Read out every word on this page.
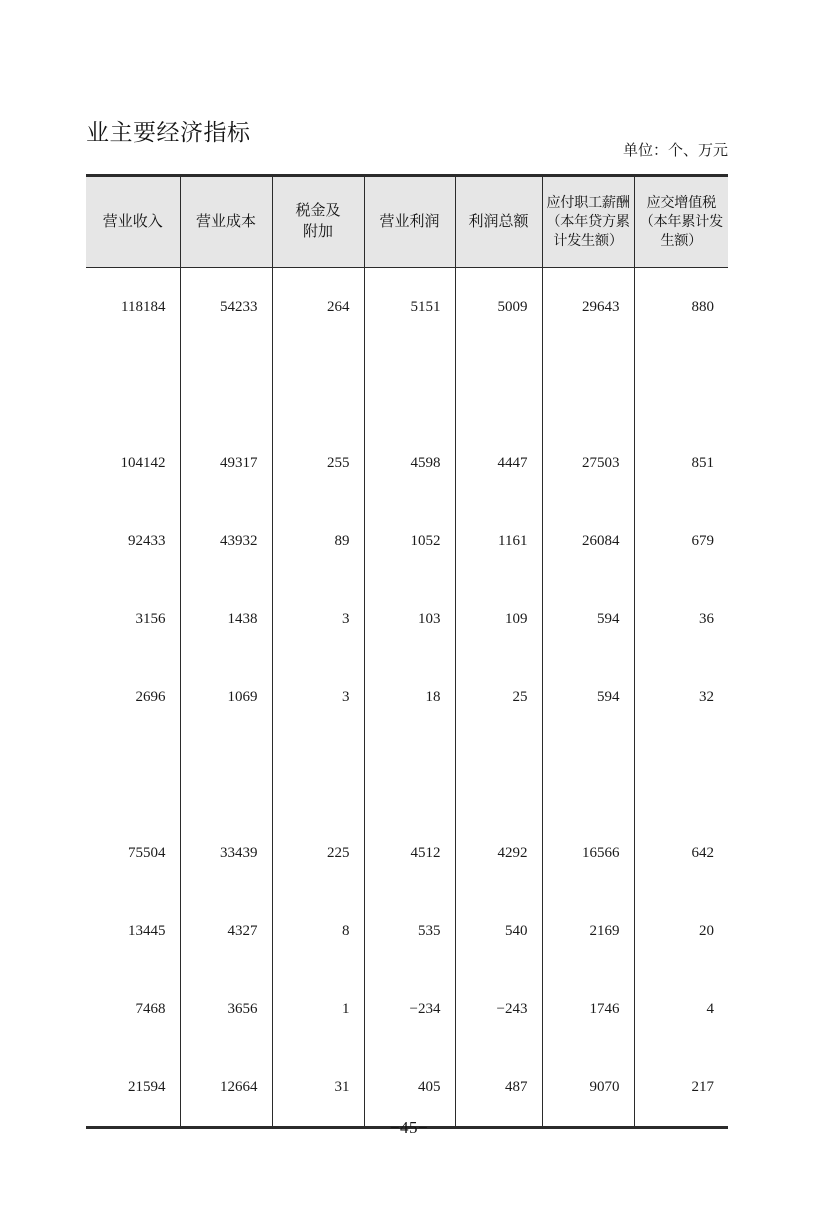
业主要经济指标
单位：个、万元
营业收入	营业成本	税金及
附加	营业利润	利润总额	应付职工薪酬（本年贷方累计发生额）	应交增值税（本年累计发生额）
118184	54233	264	5151	5009	29643	880

104142	49317	255	4598	4447	27503	851
92433	43932	89	1052	1161	26084	679
3156	1438	3	103	109	594	36
2696	1069	3	18	25	594	32

75504	33439	225	4512	4292	16566	642
13445	4327	8	535	540	2169	20
7468	3656	1	−234	−243	1746	4
21594	12664	31	405	487	9070	217
−45−
